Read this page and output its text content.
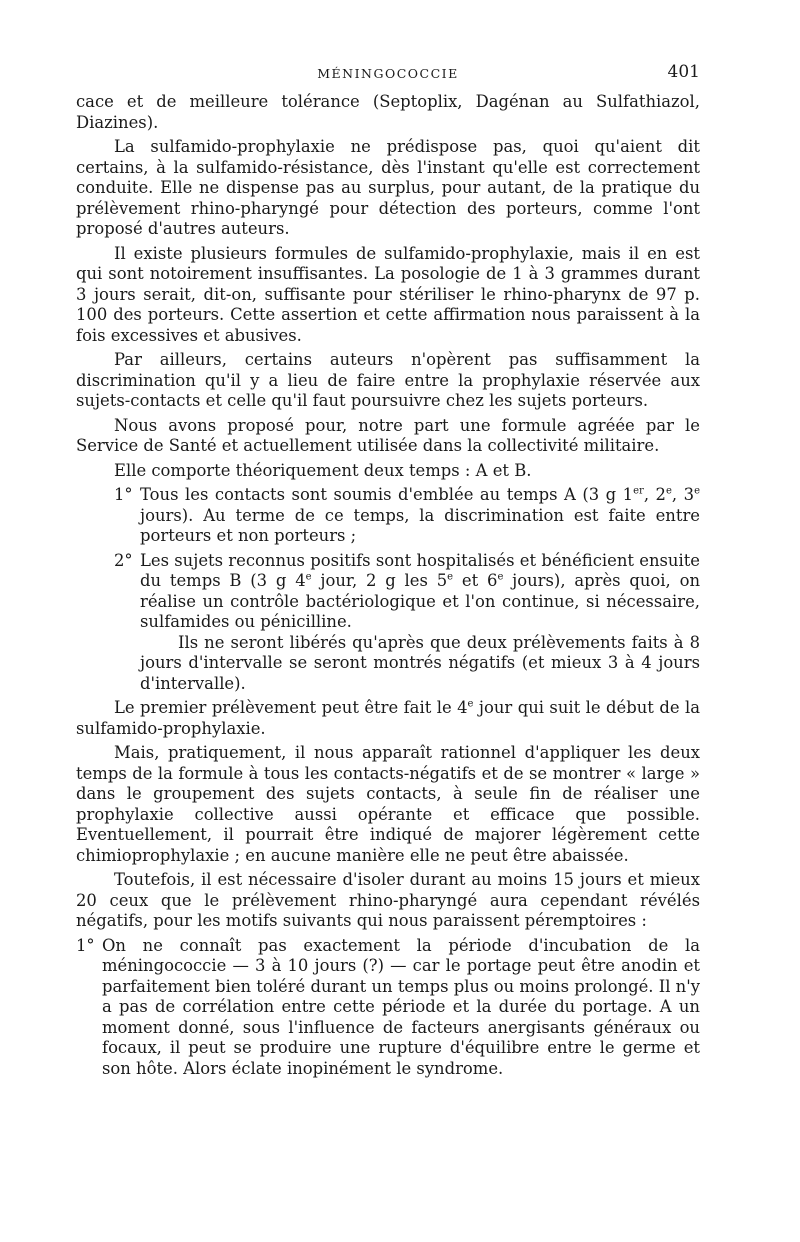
MÉNINGOCOCCIE	401

cace et de meilleure tolérance (Septoplix, Dagénan au Sulfathiazol, Diazines).

La sulfamido-prophylaxie ne prédispose pas, quoi qu'aient dit certains, à la sulfamido-résistance, dès l'instant qu'elle est correctement conduite. Elle ne dispense pas au surplus, pour autant, de la pratique du prélèvement rhino-pharyngé pour détection des porteurs, comme l'ont proposé d'autres auteurs.

Il existe plusieurs formules de sulfamido-prophylaxie, mais il en est qui sont notoirement insuffisantes. La posologie de 1 à 3 grammes durant 3 jours serait, dit-on, suffisante pour stériliser le rhino-pharynx de 97 p. 100 des porteurs. Cette assertion et cette affirmation nous paraissent à la fois excessives et abusives.

Par ailleurs, certains auteurs n'opèrent pas suffisamment la discrimination qu'il y a lieu de faire entre la prophylaxie réservée aux sujets-contacts et celle qu'il faut poursuivre chez les sujets porteurs.

Nous avons proposé pour, notre part une formule agréée par le Service de Santé et actuellement utilisée dans la collectivité militaire.

Elle comporte théoriquement deux temps : A et B.

1° Tous les contacts sont soumis d'emblée au temps A (3 g 1er, 2e, 3e jours). Au terme de ce temps, la discrimination est faite entre porteurs et non porteurs ;

2° Les sujets reconnus positifs sont hospitalisés et bénéficient ensuite du temps B (3 g 4e jour, 2 g les 5e et 6e jours), après quoi, on réalise un contrôle bactériologique et l'on continue, si nécessaire, sulfamides ou pénicilline.

Ils ne seront libérés qu'après que deux prélèvements faits à 8 jours d'intervalle se seront montrés négatifs (et mieux 3 à 4 jours d'intervalle).

Le premier prélèvement peut être fait le 4e jour qui suit le début de la sulfamido-prophylaxie.

Mais, pratiquement, il nous apparaît rationnel d'appliquer les deux temps de la formule à tous les contacts-négatifs et de se montrer « large » dans le groupement des sujets contacts, à seule fin de réaliser une prophylaxie collective aussi opérante et efficace que possible. Eventuellement, il pourrait être indiqué de majorer légèrement cette chimioprophylaxie ; en aucune manière elle ne peut être abaissée.

Toutefois, il est nécessaire d'isoler durant au moins 15 jours et mieux 20 ceux que le prélèvement rhino-pharyngé aura cependant révélés négatifs, pour les motifs suivants qui nous paraissent péremptoires :

1° On ne connaît pas exactement la période d'incubation de la méningococcie — 3 à 10 jours (?) — car le portage peut être anodin et parfaitement bien toléré durant un temps plus ou moins prolongé. Il n'y a pas de corrélation entre cette période et la durée du portage. A un moment donné, sous l'influence de facteurs anergisants généraux ou focaux, il peut se produire une rupture d'équilibre entre le germe et son hôte. Alors éclate inopinément le syndrome.
